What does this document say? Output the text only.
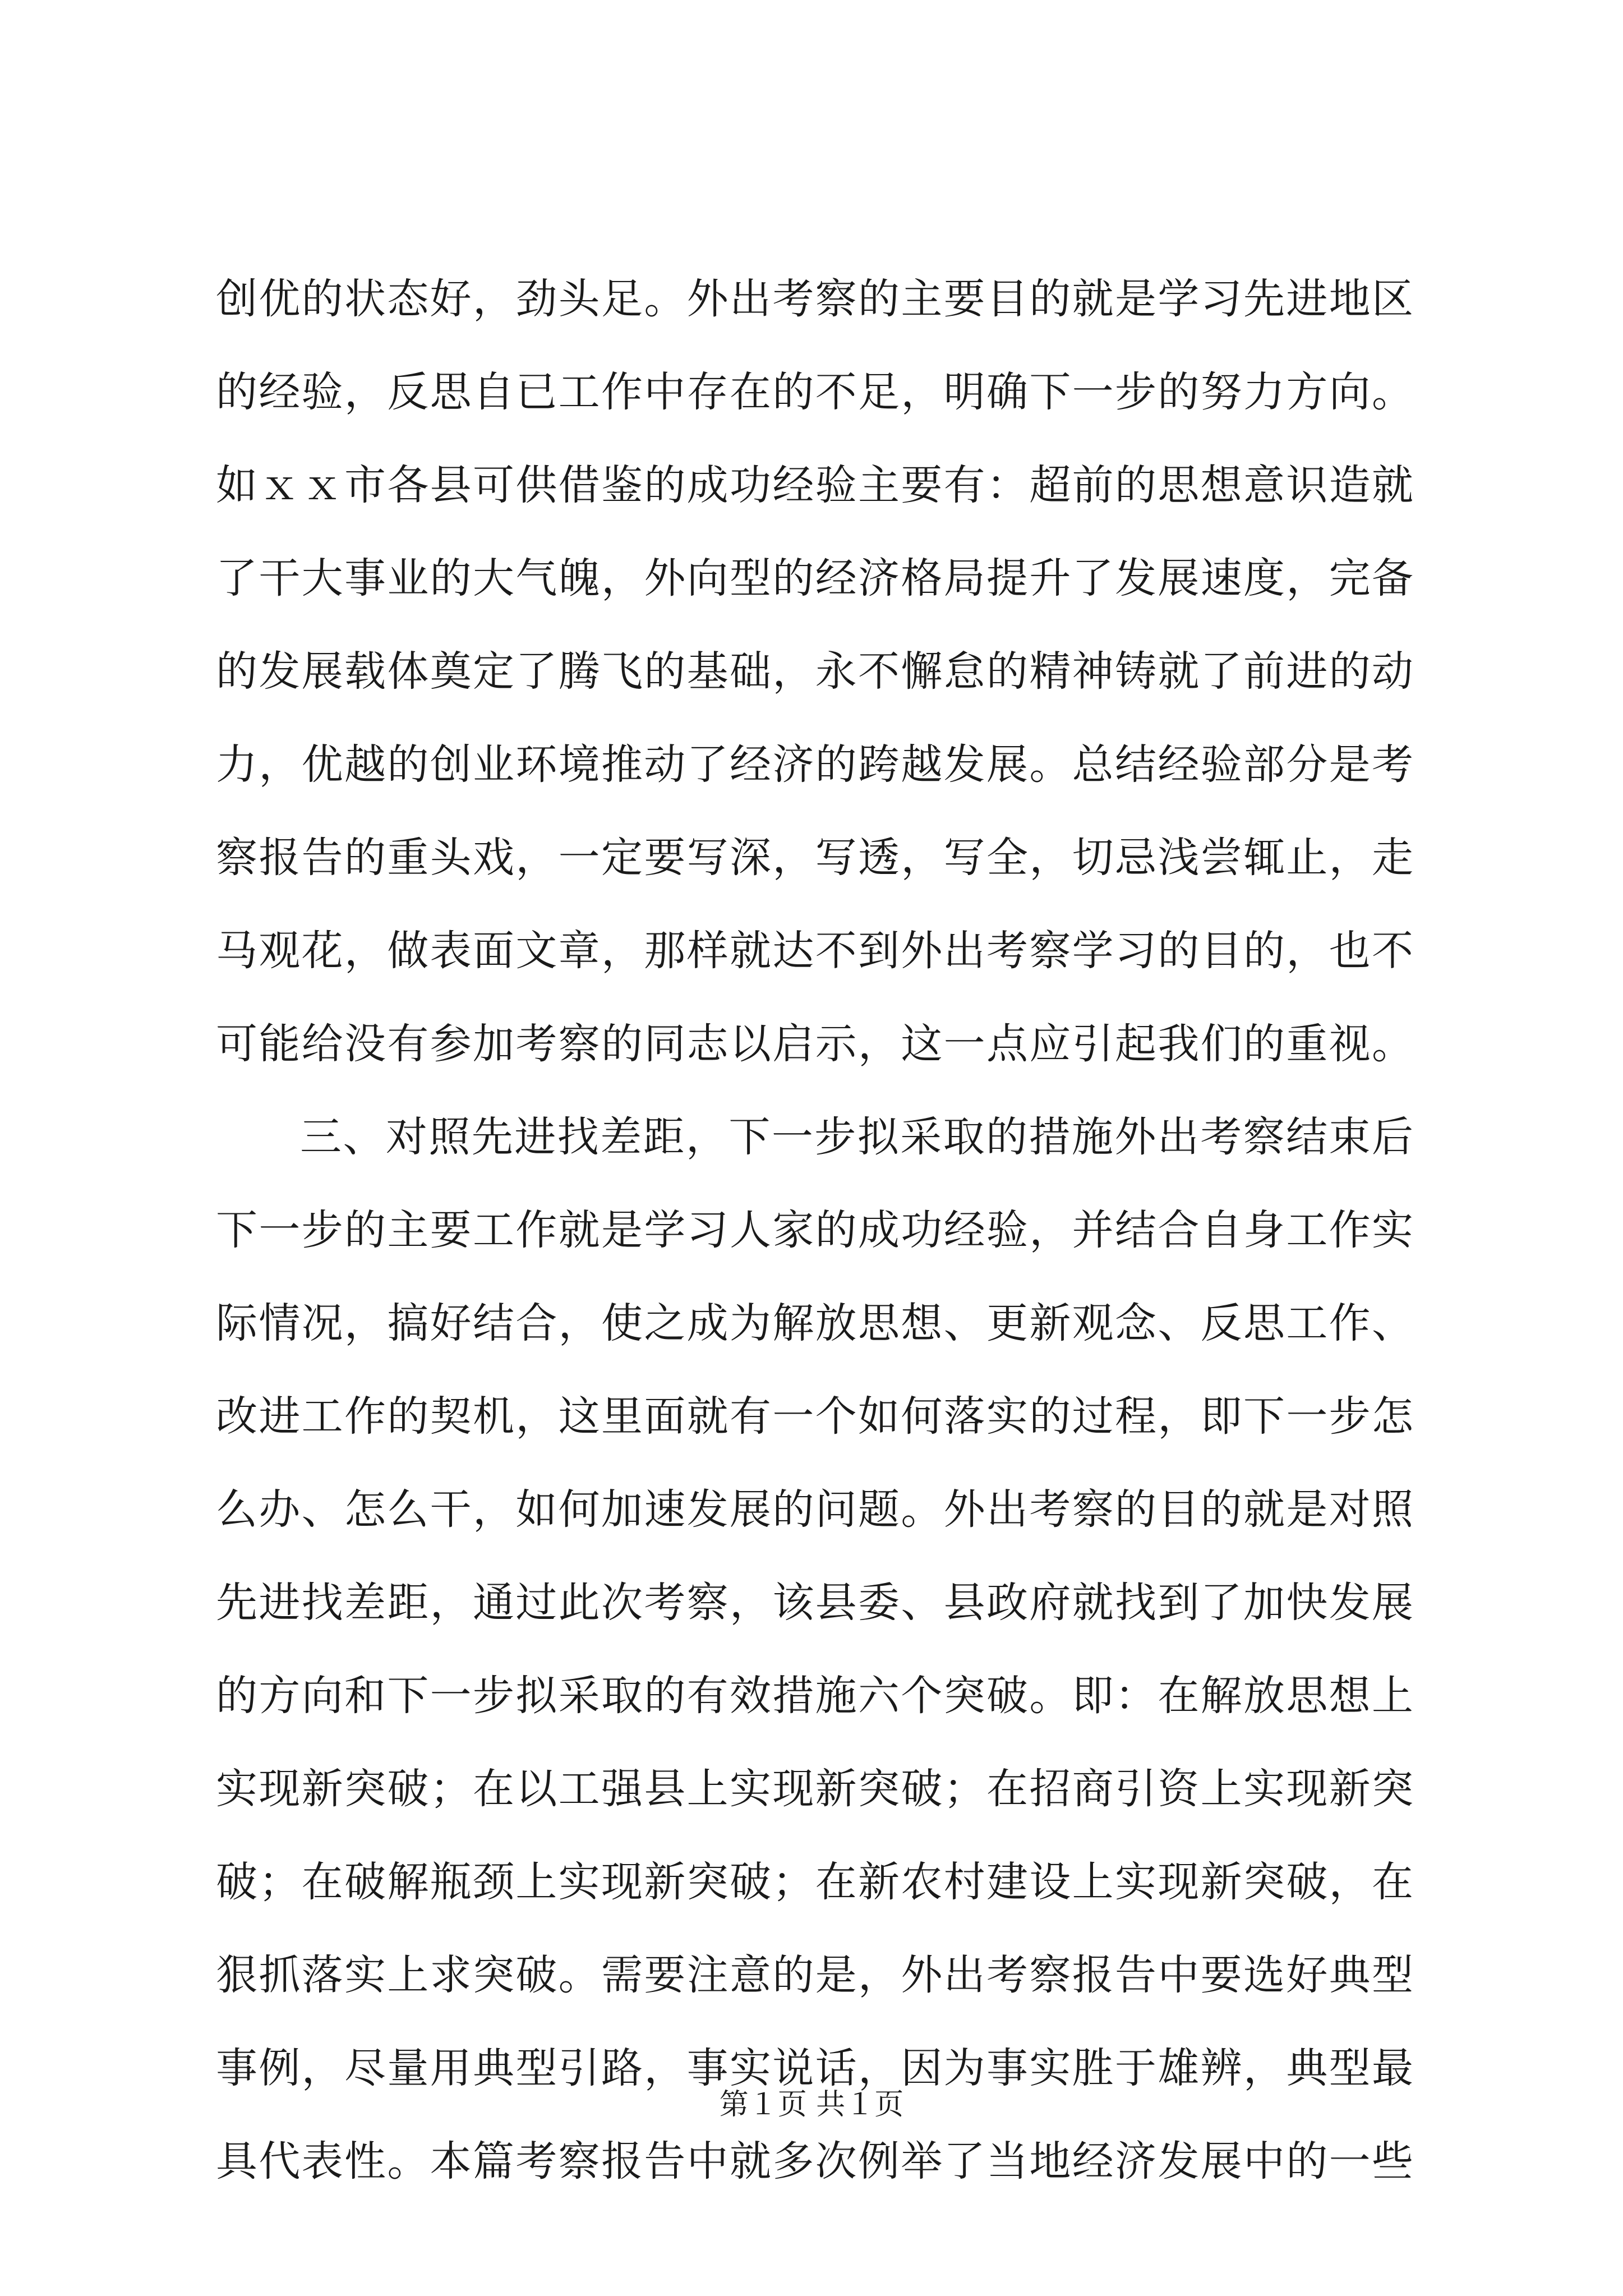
创优的状态好，劲头足。外出考察的主要目的就是学习先进地区
的经验，反思自已工作中存在的不足，明确下一步的努力方向。
如ｘｘ市各县可供借鉴的成功经验主要有：超前的思想意识造就
了干大事业的大气魄，外向型的经济格局提升了发展速度，完备
的发展载体奠定了腾飞的基础，永不懈怠的精神铸就了前进的动
力，优越的创业环境推动了经济的跨越发展。总结经验部分是考
察报告的重头戏，一定要写深，写透，写全，切忌浅尝辄止，走
马观花，做表面文章，那样就达不到外出考察学习的目的，也不
可能给没有参加考察的同志以启示，这一点应引起我们的重视。
三、对照先进找差距，下一步拟采取的措施外出考察结束后
下一步的主要工作就是学习人家的成功经验，并结合自身工作实
际情况，搞好结合，使之成为解放思想、更新观念、反思工作、
改进工作的契机，这里面就有一个如何落实的过程，即下一步怎
么办、怎么干，如何加速发展的问题。外出考察的目的就是对照
先进找差距，通过此次考察，该县委、县政府就找到了加快发展
的方向和下一步拟采取的有效措施六个突破。即：在解放思想上
实现新突破；在以工强县上实现新突破；在招商引资上实现新突
破；在破解瓶颈上实现新突破；在新农村建设上实现新突破，在
狠抓落实上求突破。需要注意的是，外出考察报告中要选好典型
事例，尽量用典型引路，事实说话，因为事实胜于雄辨，典型最
具代表性。本篇考察报告中就多次例举了当地经济发展中的一些
第１页 共１页
